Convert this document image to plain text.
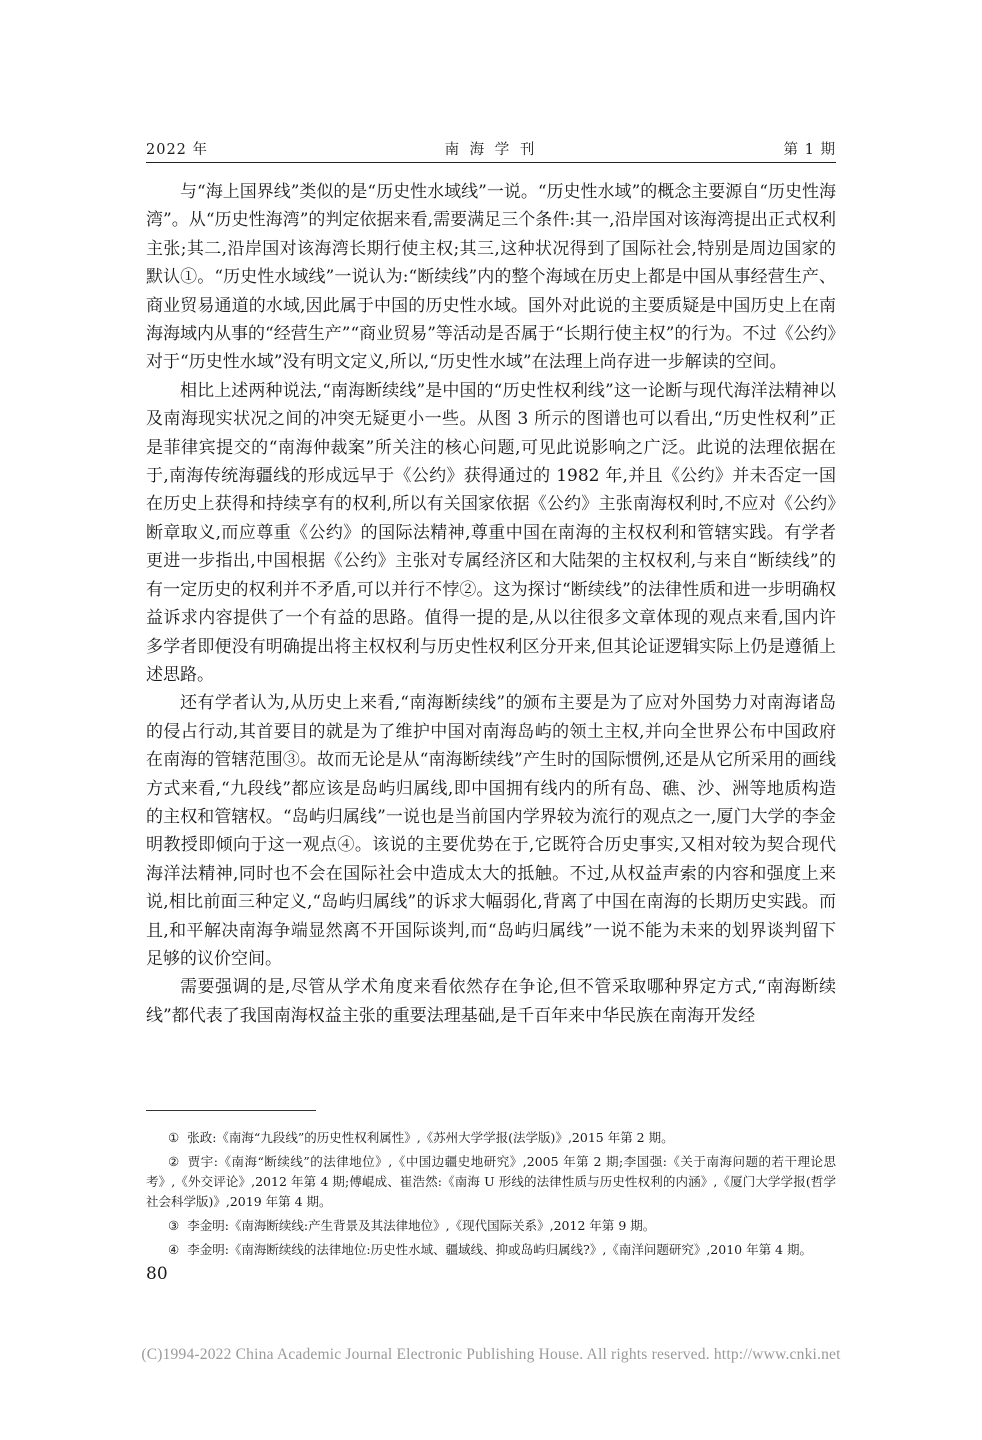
2022 年	南 海 学 刊	第 1 期

与“海上国界线”类似的是“历史性水域线”一说。“历史性水域”的概念主要源自“历史性海湾”。从“历史性海湾”的判定依据来看,需要满足三个条件:其一,沿岸国对该海湾提出正式权利主张;其二,沿岸国对该海湾长期行使主权;其三,这种状况得到了国际社会,特别是周边国家的默认①。“历史性水域线”一说认为:“断续线”内的整个海域在历史上都是中国从事经营生产、商业贸易通道的水域,因此属于中国的历史性水域。国外对此说的主要质疑是中国历史上在南海海域内从事的“经营生产”“商业贸易”等活动是否属于“长期行使主权”的行为。不过《公约》对于“历史性水域”没有明文定义,所以,“历史性水域”在法理上尚存进一步解读的空间。

相比上述两种说法,“南海断续线”是中国的“历史性权利线”这一论断与现代海洋法精神以及南海现实状况之间的冲突无疑更小一些。从图 3 所示的图谱也可以看出,“历史性权利”正是菲律宾提交的“南海仲裁案”所关注的核心问题,可见此说影响之广泛。此说的法理依据在于,南海传统海疆线的形成远早于《公约》获得通过的 1982 年,并且《公约》并未否定一国在历史上获得和持续享有的权利,所以有关国家依据《公约》主张南海权利时,不应对《公约》断章取义,而应尊重《公约》的国际法精神,尊重中国在南海的主权权利和管辖实践。有学者更进一步指出,中国根据《公约》主张对专属经济区和大陆架的主权权利,与来自“断续线”的有一定历史的权利并不矛盾,可以并行不悖②。这为探讨“断续线”的法律性质和进一步明确权益诉求内容提供了一个有益的思路。值得一提的是,从以往很多文章体现的观点来看,国内许多学者即便没有明确提出将主权权利与历史性权利区分开来,但其论证逻辑实际上仍是遵循上述思路。

还有学者认为,从历史上来看,“南海断续线”的颁布主要是为了应对外国势力对南海诸岛的侵占行动,其首要目的就是为了维护中国对南海岛屿的领土主权,并向全世界公布中国政府在南海的管辖范围③。故而无论是从“南海断续线”产生时的国际惯例,还是从它所采用的画线方式来看,“九段线”都应该是岛屿归属线,即中国拥有线内的所有岛、礁、沙、洲等地质构造的主权和管辖权。“岛屿归属线”一说也是当前国内学界较为流行的观点之一,厦门大学的李金明教授即倾向于这一观点④。该说的主要优势在于,它既符合历史事实,又相对较为契合现代海洋法精神,同时也不会在国际社会中造成太大的抵触。不过,从权益声索的内容和强度上来说,相比前面三种定义,“岛屿归属线”的诉求大幅弱化,背离了中国在南海的长期历史实践。而且,和平解决南海争端显然离不开国际谈判,而“岛屿归属线”一说不能为未来的划界谈判留下足够的议价空间。

需要强调的是,尽管从学术角度来看依然存在争论,但不管采取哪种界定方式,“南海断续线”都代表了我国南海权益主张的重要法理基础,是千百年来中华民族在南海开发经

① 张政:《南海“九段线”的历史性权利属性》,《苏州大学学报(法学版)》,2015 年第 2 期。

② 贾宇:《南海“断续线”的法律地位》,《中国边疆史地研究》,2005 年第 2 期;李国强:《关于南海问题的若干理论思考》,《外交评论》,2012 年第 4 期;傅崐成、崔浩然:《南海 U 形线的法律性质与历史性权利的内涵》,《厦门大学学报(哲学社会科学版)》,2019 年第 4 期。

③ 李金明:《南海断续线:产生背景及其法律地位》,《现代国际关系》,2012 年第 9 期。

④ 李金明:《南海断续线的法律地位:历史性水域、疆域线、抑或岛屿归属线?》,《南洋问题研究》,2010 年第 4 期。

80
(C)1994-2022 China Academic Journal Electronic Publishing House. All rights reserved. http://www.cnki.net
